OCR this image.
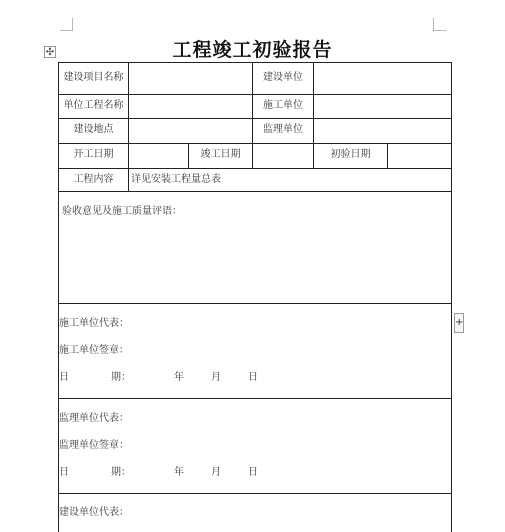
✣
+
工程竣工初验报告
建设项目名称	建设单位
单位工程名称	施工单位
建设地点	监理单位
开工日期	竣工日期	初验日期
工程内容	详见安装工程量总表
验收意见及施工质量评语：
施工单位代表：
施工单位签章：
日	期：	年	月	日
监理单位代表：
监理单位签章：
日	期：	年	月	日
建设单位代表：
